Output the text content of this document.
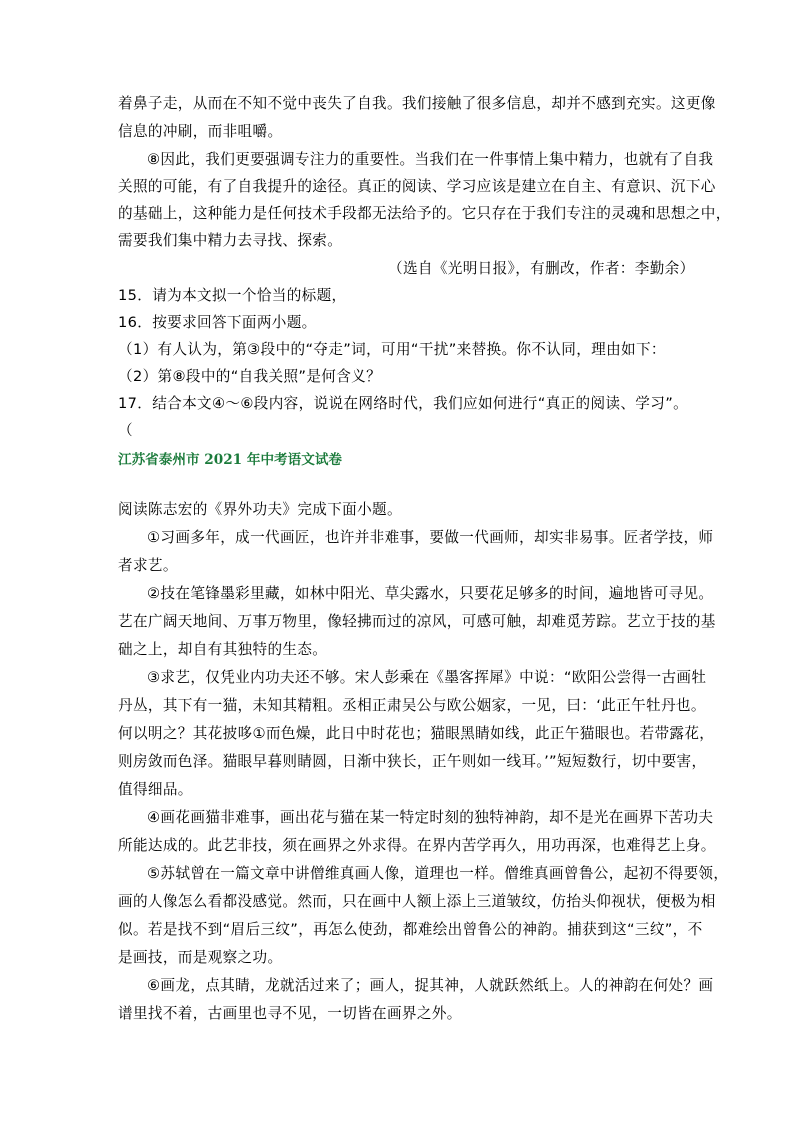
着鼻子走，从而在不知不觉中丧失了自我。我们接触了很多信息，却并不感到充实。这更像
信息的冲刷，而非咀嚼。
⑧因此，我们更要强调专注力的重要性。当我们在一件事情上集中精力，也就有了自我
关照的可能，有了自我提升的途径。真正的阅读、学习应该是建立在自主、有意识、沉下心
的基础上，这种能力是任何技术手段都无法给予的。它只存在于我们专注的灵魂和思想之中，
需要我们集中精力去寻找、探索。
（选自《光明日报》，有删改，作者：李勤余）
15．请为本文拟一个恰当的标题，
16．按要求回答下面两小题。
（1）有人认为，第③段中的“夺走”词，可用“干扰”来替换。你不认同，理由如下：
（2）第⑧段中的“自我关照”是何含义？
17．结合本文④～⑥段内容，说说在网络时代，我们应如何进行“真正的阅读、学习”。
（
江苏省泰州市 2021 年中考语文试卷
阅读陈志宏的《界外功夫》完成下面小题。
①习画多年，成一代画匠，也许并非难事，要做一代画师，却实非易事。匠者学技，师
者求艺。
②技在笔锋墨彩里藏，如林中阳光、草尖露水，只要花足够多的时间，遍地皆可寻见。
艺在广阔天地间、万事万物里，像轻拂而过的凉风，可感可触，却难觅芳踪。艺立于技的基
础之上，却自有其独特的生态。
③求艺，仅凭业内功夫还不够。宋人彭乘在《墨客挥犀》中说：“欧阳公尝得一古画牡
丹丛，其下有一猫，未知其精粗。丞相正肃吴公与欧公姻家，一见，曰：‘此正午牡丹也。
何以明之？其花披哆①而色燥，此日中时花也；猫眼黑睛如线，此正午猫眼也。若带露花，
则房敛而色泽。猫眼早暮则睛圆，日渐中狭长，正午则如一线耳。’”短短数行，切中要害，
值得细品。
④画花画猫非难事，画出花与猫在某一特定时刻的独特神韵，却不是光在画界下苦功夫
所能达成的。此艺非技，须在画界之外求得。在界内苦学再久，用功再深，也难得艺上身。
⑤苏轼曾在一篇文章中讲僧维真画人像，道理也一样。僧维真画曾鲁公，起初不得要领，
画的人像怎么看都没感觉。然而，只在画中人额上添上三道皱纹，仿抬头仰视状，便极为相
似。若是找不到“眉后三纹”，再怎么使劲，都难绘出曾鲁公的神韵。捕获到这“三纹”，不
是画技，而是观察之功。
⑥画龙，点其睛，龙就活过来了；画人，捉其神，人就跃然纸上。人的神韵在何处？画
谱里找不着，古画里也寻不见，一切皆在画界之外。
